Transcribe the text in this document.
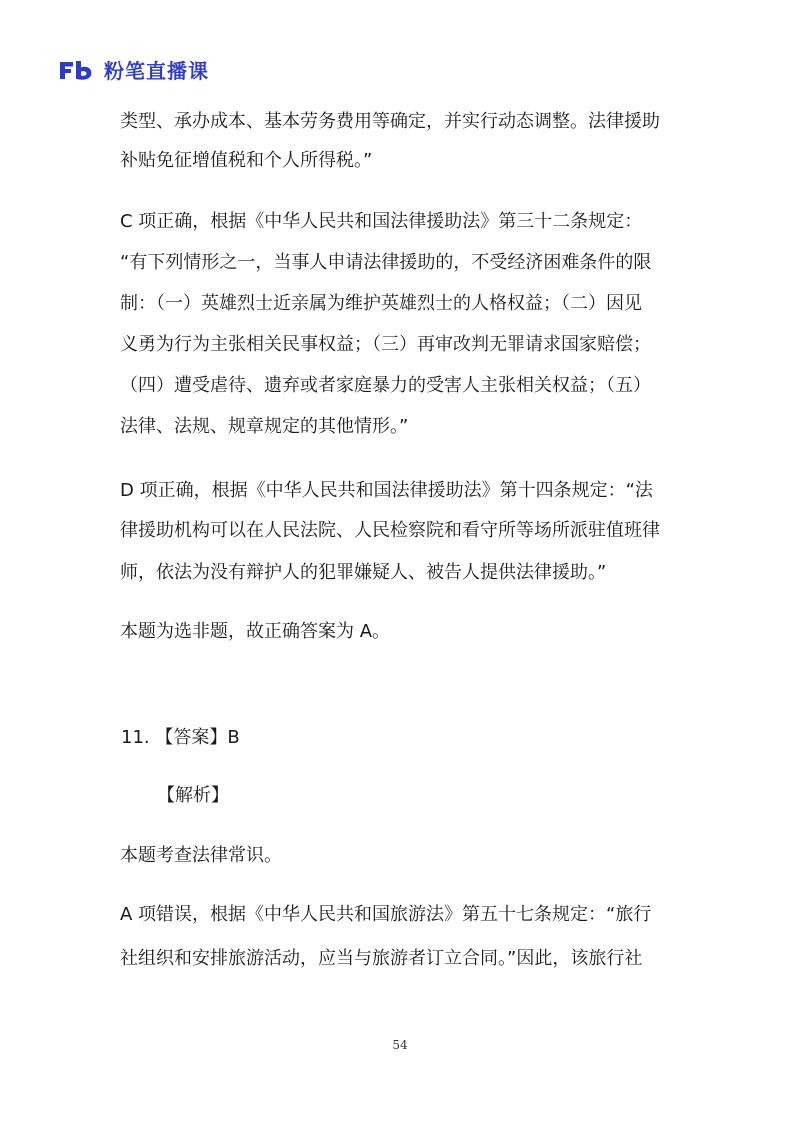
粉笔直播课
类型、承办成本、基本劳务费用等确定，并实行动态调整。法律援助
补贴免征增值税和个人所得税。”
C 项正确，根据《中华人民共和国法律援助法》第三十二条规定：
“有下列情形之一，当事人申请法律援助的，不受经济困难条件的限
制：（一）英雄烈士近亲属为维护英雄烈士的人格权益；（二）因见
义勇为行为主张相关民事权益；（三）再审改判无罪请求国家赔偿；
（四）遭受虐待、遗弃或者家庭暴力的受害人主张相关权益；（五）
法律、法规、规章规定的其他情形。”
D 项正确，根据《中华人民共和国法律援助法》第十四条规定：“法
律援助机构可以在人民法院、人民检察院和看守所等场所派驻值班律
师，依法为没有辩护人的犯罪嫌疑人、被告人提供法律援助。”
本题为选非题，故正确答案为 A。
11. 【答案】B
【解析】
本题考查法律常识。
A 项错误，根据《中华人民共和国旅游法》第五十七条规定：“旅行
社组织和安排旅游活动，应当与旅游者订立合同。”因此，该旅行社
54
